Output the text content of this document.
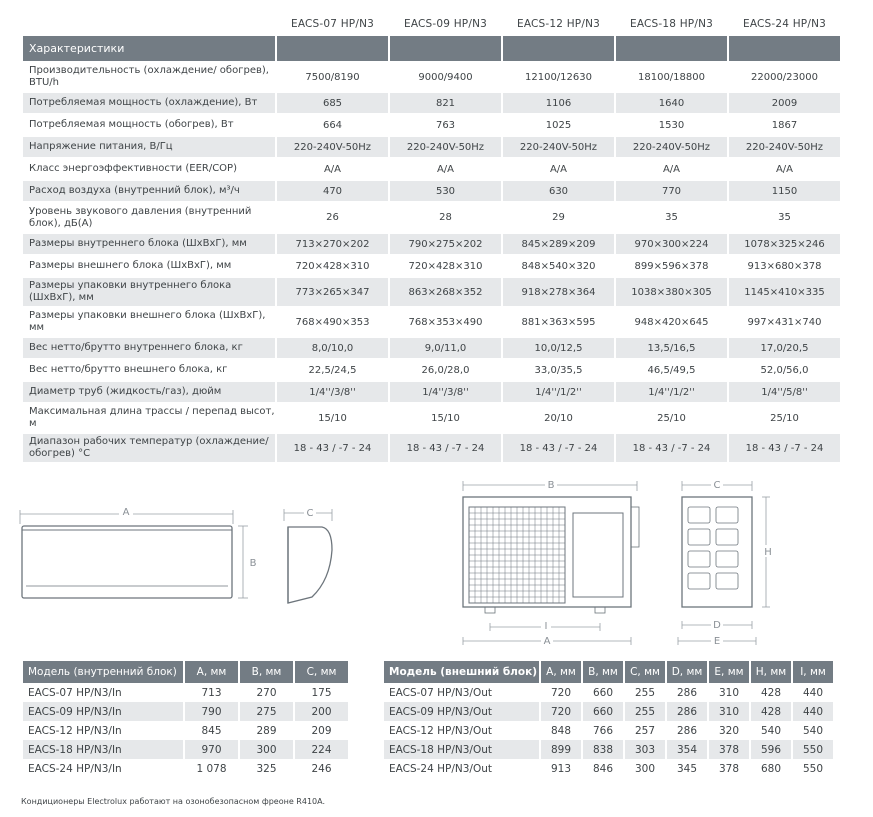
	EACS-07 HP/N3	EACS-09 HP/N3	EACS-12 HP/N3	EACS-18 HP/N3	EACS-24 HP/N3
Характеристики					
Производительность (охлаждение/ обогрев), BTU/h	7500/8190	9000/9400	12100/12630	18100/18800	22000/23000
Потребляемая мощность (охлаждение), Вт	685	821	1106	1640	2009
Потребляемая мощность (обогрев), Вт	664	763	1025	1530	1867
Напряжение питания, В/Гц	220-240V-50Hz	220-240V-50Hz	220-240V-50Hz	220-240V-50Hz	220-240V-50Hz
Класс энергоэффективности (EER/COP)	A/A	A/A	A/A	A/A	A/A
Расход воздуха (внутренний блок), м³/ч	470	530	630	770	1150
Уровень звукового давления (внутренний блок), дБ(А)	26	28	29	35	35
Размеры внутреннего блока (ШхВхГ), мм	713×270×202	790×275×202	845×289×209	970×300×224	1078×325×246
Размеры внешнего блока (ШхВхГ), мм	720×428×310	720×428×310	848×540×320	899×596×378	913×680×378
Размеры упаковки внутреннего блока (ШхВхГ), мм	773×265×347	863×268×352	918×278×364	1038×380×305	1145×410×335
Размеры упаковки внешнего блока (ШхВхГ), мм	768×490×353	768×353×490	881×363×595	948×420×645	997×431×740
Вес нетто/брутто внутреннего блока, кг	8,0/10,0	9,0/11,0	10,0/12,5	13,5/16,5	17,0/20,5
Вес нетто/брутто внешнего блока, кг	22,5/24,5	26,0/28,0	33,0/35,5	46,5/49,5	52,0/56,0
Диаметр труб (жидкость/газ), дюйм	1/4''/3/8''	1/4''/3/8''	1/4''/1/2''	1/4''/1/2''	1/4''/5/8''
Максимальная длина трассы / перепад высот, м	15/10	15/10	20/10	25/10	25/10
Диапазон рабочих температур (охлаждение/обогрев) °C	18 - 43 / -7 - 24	18 - 43 / -7 - 24	18 - 43 / -7 - 24	18 - 43 / -7 - 24	18 - 43 / -7 - 24
A
B
C
B
I
A
C
H
D
E
Модель (внутренний блок)	А, мм	В, мм	С, мм
EACS-07 HP/N3/In	713	270	175
EACS-09 HP/N3/In	790	275	200
EACS-12 HP/N3/In	845	289	209
EACS-18 HP/N3/In	970	300	224
EACS-24 HP/N3/In	1 078	325	246
Модель (внешний блок)	А, мм	В, мм	С, мм	D, мм	E, мм	H, мм	I, мм
EACS-07 HP/N3/Out	720	660	255	286	310	428	440
EACS-09 HP/N3/Out	720	660	255	286	310	428	440
EACS-12 HP/N3/Out	848	766	257	286	320	540	540
EACS-18 HP/N3/Out	899	838	303	354	378	596	550
EACS-24 HP/N3/Out	913	846	300	345	378	680	550
Кондиционеры Electrolux работают на озонобезопасном фреоне R410A.
